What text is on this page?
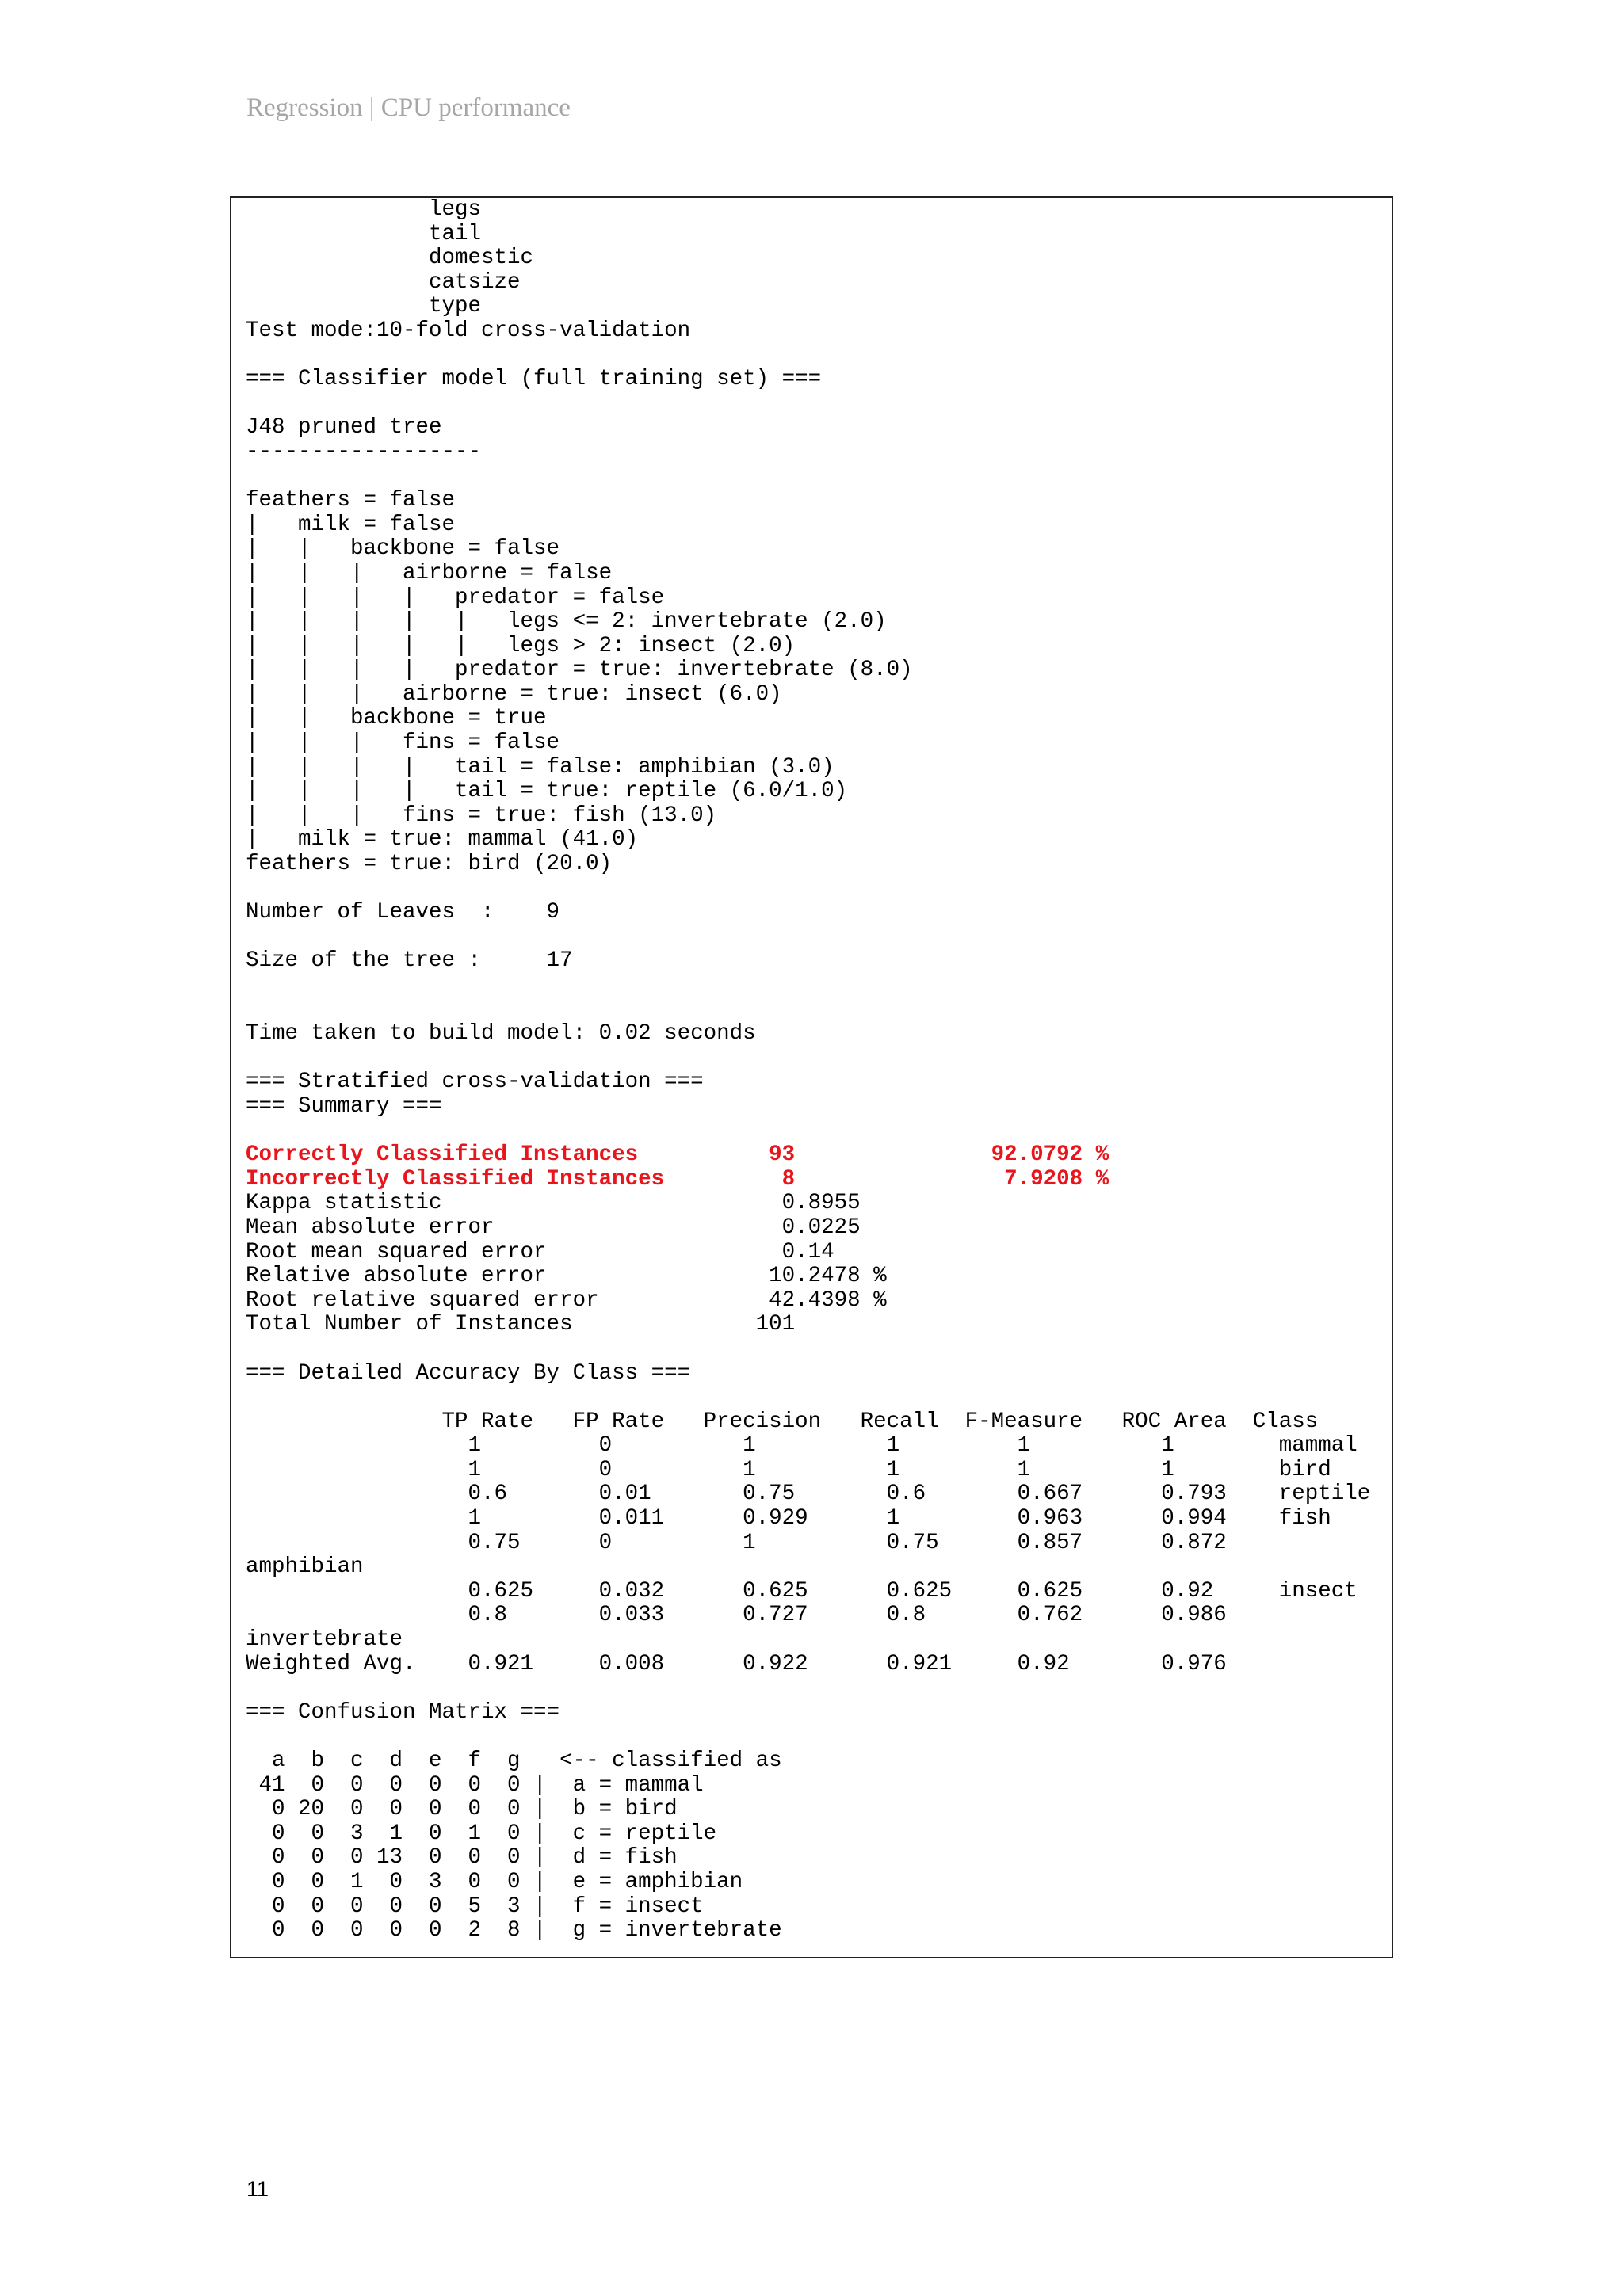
Regression | CPU performance
legs
tail
domestic
catsize
type
Test mode:10-fold cross-validation
=== Classifier model (full training set) ===
J48 pruned tree
------------------
feathers = false
|   milk = false
|   |   backbone = false
|   |   |   airborne = false
|   |   |   |   predator = false
|   |   |   |   |   legs <= 2: invertebrate (2.0)
|   |   |   |   |   legs > 2: insect (2.0)
|   |   |   |   predator = true: invertebrate (8.0)
|   |   |   airborne = true: insect (6.0)
|   |   backbone = true
|   |   |   fins = false
|   |   |   |   tail = false: amphibian (3.0)
|   |   |   |   tail = true: reptile (6.0/1.0)
|   |   |   fins = true: fish (13.0)
|   milk = true: mammal (41.0)
feathers = true: bird (20.0)
Number of Leaves  :    9
Size of the tree :     17
Time taken to build model: 0.02 seconds
=== Stratified cross-validation ===
=== Summary ===
Correctly Classified Instances          93               92.0792 %
Incorrectly Classified Instances         8                7.9208 %
Kappa statistic                          0.8955
Mean absolute error                      0.0225
Root mean squared error                  0.14
Relative absolute error                 10.2478 %
Root relative squared error             42.4398 %
Total Number of Instances              101
=== Detailed Accuracy By Class ===
TP Rate   FP Rate   Precision   Recall  F-Measure   ROC Area  Class
1         0          1          1         1          1        mammal
1         0          1          1         1          1        bird
0.6       0.01       0.75       0.6       0.667      0.793    reptile
1         0.011      0.929      1         0.963      0.994    fish
0.75      0          1          0.75      0.857      0.872
amphibian
0.625     0.032      0.625      0.625     0.625      0.92     insect
0.8       0.033      0.727      0.8       0.762      0.986
invertebrate
Weighted Avg.    0.921     0.008      0.922      0.921     0.92       0.976
=== Confusion Matrix ===
a  b  c  d  e  f  g   <-- classified as
41  0  0  0  0  0  0 |  a = mammal
0 20  0  0  0  0  0 |  b = bird
0  0  3  1  0  1  0 |  c = reptile
0  0  0 13  0  0  0 |  d = fish
0  0  1  0  3  0  0 |  e = amphibian
0  0  0  0  0  5  3 |  f = insect
0  0  0  0  0  2  8 |  g = invertebrate
11
